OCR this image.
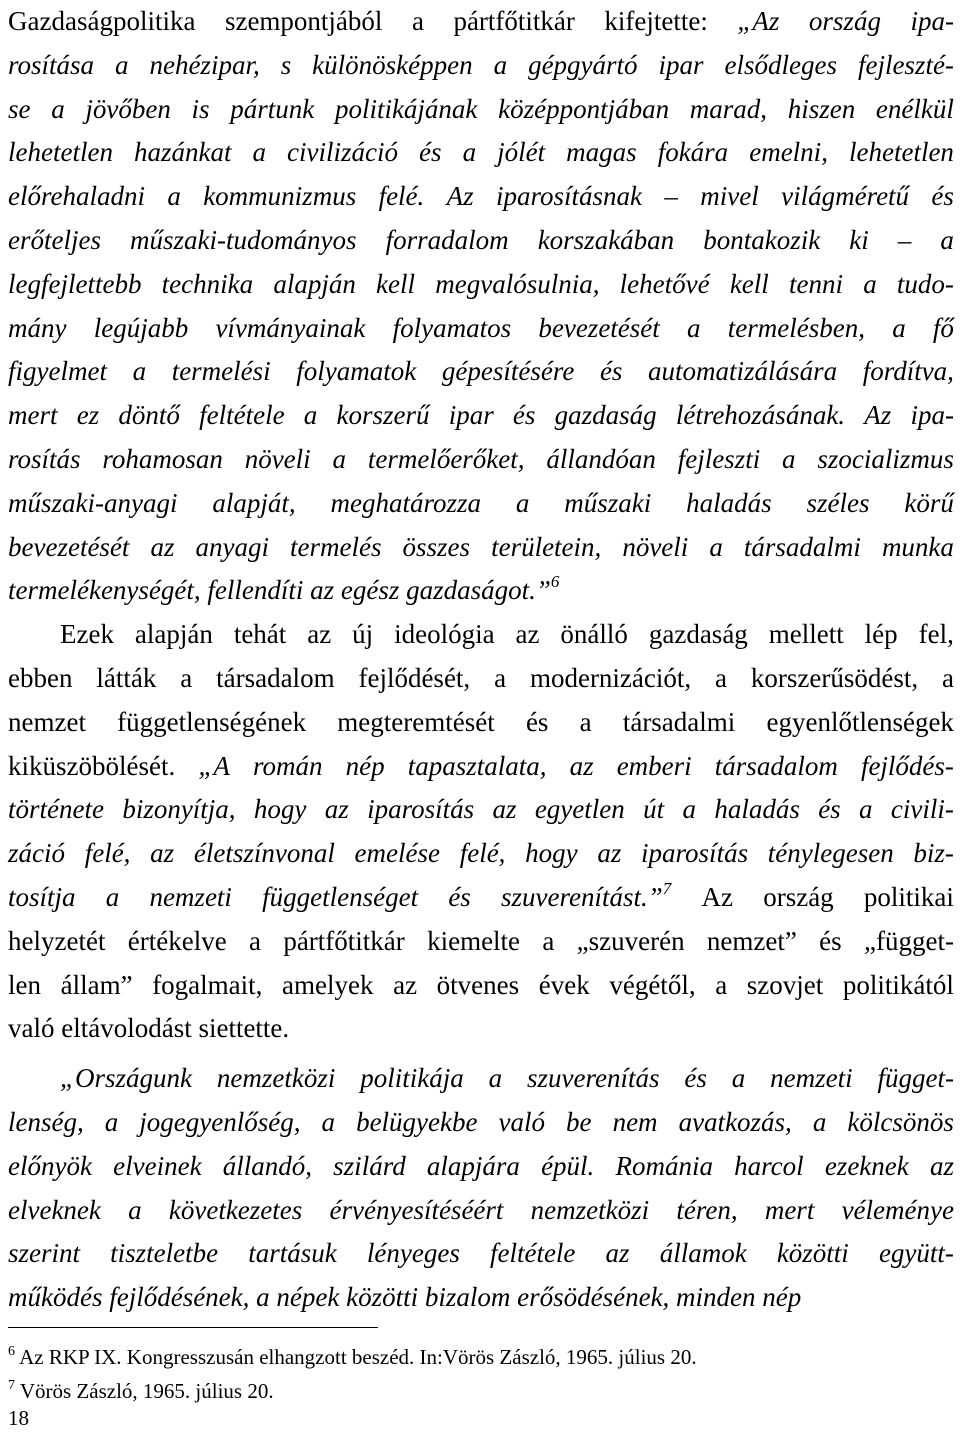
Gazdaságpolitika szempontjából a pártfőtitkár kifejtette: „Az ország ipa-
rosítása a nehézipar, s különösképpen a gépgyártó ipar elsődleges fejleszté-
se a jövőben is pártunk politikájának középpontjában marad, hiszen enélkül
lehetetlen hazánkat a civilizáció és a jólét magas fokára emelni, lehetetlen
előrehaladni a kommunizmus felé. Az iparosításnak – mivel világméretű és
erőteljes műszaki-tudományos forradalom korszakában bontakozik ki – a
legfejlettebb technika alapján kell megvalósulnia, lehetővé kell tenni a tudo-
mány legújabb vívmányainak folyamatos bevezetését a termelésben, a fő
figyelmet a termelési folyamatok gépesítésére és automatizálására fordítva,
mert ez döntő feltétele a korszerű ipar és gazdaság létrehozásának. Az ipa-
rosítás rohamosan növeli a termelőerőket, állandóan fejleszti a szocializmus
műszaki-anyagi alapját, meghatározza a műszaki haladás széles körű
bevezetését az anyagi termelés összes területein, növeli a társadalmi munka
termelékenységét, fellendíti az egész gazdaságot.”$^6$
Ezek alapján tehát az új ideológia az önálló gazdaság mellett lép fel,
ebben látták a társadalom fejlődését, a modernizációt, a korszerűsödést, a
nemzet függetlenségének megteremtését és a társadalmi egyenlőtlenségek
kiküszöbölését. „A román nép tapasztalata, az emberi társadalom fejlődés-
története bizonyítja, hogy az iparosítás az egyetlen út a haladás és a civili-
záció felé, az életszínvonal emelése felé, hogy az iparosítás ténylegesen biz-
tosítja a nemzeti függetlenséget és szuverenítást.”$^7$ Az ország politikai
helyzetét értékelve a pártfőtitkár kiemelte a „szuverén nemzet” és „függet-
len állam” fogalmait, amelyek az ötvenes évek végétől, a szovjet politikától
való eltávolodást siettette.
„Országunk nemzetközi politikája a szuverenítás és a nemzeti függet-
lenség, a jogegyenlőség, a belügyekbe való be nem avatkozás, a kölcsönös
előnyök elveinek állandó, szilárd alapjára épül. Románia harcol ezeknek az
elveknek a következetes érvényesítéséért nemzetközi téren, mert véleménye
szerint tiszteletbe tartásuk lényeges feltétele az államok közötti együtt-
működés fejlődésének, a népek közötti bizalom erősödésének, minden nép
$^6$ Az RKP IX. Kongresszusán elhangzott beszéd. In:Vörös Zászló, 1965. július 20.
$^7$ Vörös Zászló, 1965. július 20.
18
